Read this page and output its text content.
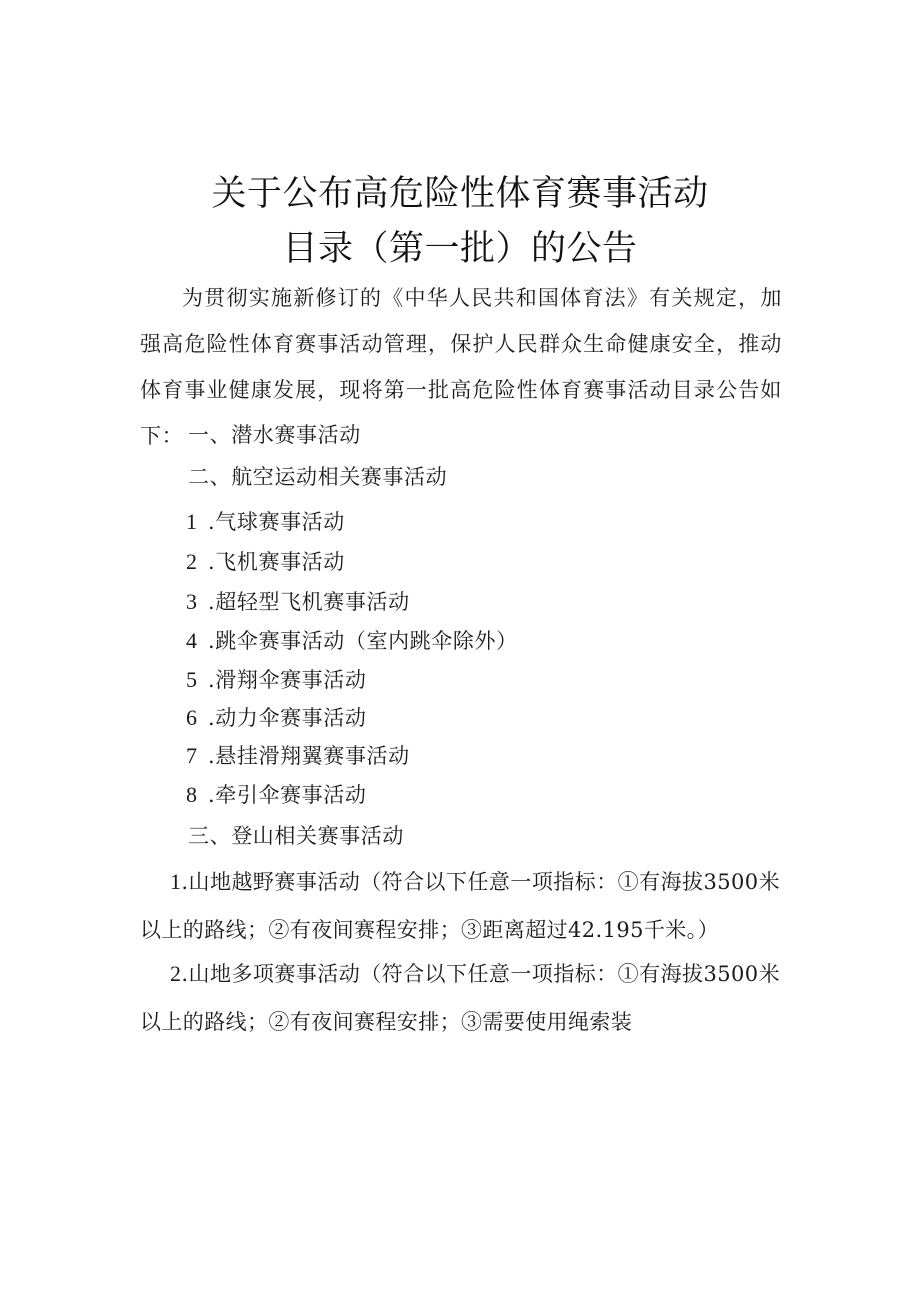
关于公布高危险性体育赛事活动
目录（第一批）的公告
为贯彻实施新修订的《中华人民共和国体育法》有关规定，加强高危险性体育赛事活动管理，保护人民群众生命健康安全，推动体育事业健康发展，现将第一批高危险性体育赛事活动目录公告如下： 一、潜水赛事活动
二、航空运动相关赛事活动
1 .气球赛事活动
2 .飞机赛事活动
3 .超轻型飞机赛事活动
4 .跳伞赛事活动（室内跳伞除外）
5 .滑翔伞赛事活动
6 .动力伞赛事活动
7 .悬挂滑翔翼赛事活动
8 .牵引伞赛事活动
三、登山相关赛事活动
1.山地越野赛事活动（符合以下任意一项指标：①有海拔3500米以上的路线；②有夜间赛程安排；③距离超过42.195千米。）
2.山地多项赛事活动（符合以下任意一项指标：①有海拔3500米以上的路线；②有夜间赛程安排；③需要使用绳索装
